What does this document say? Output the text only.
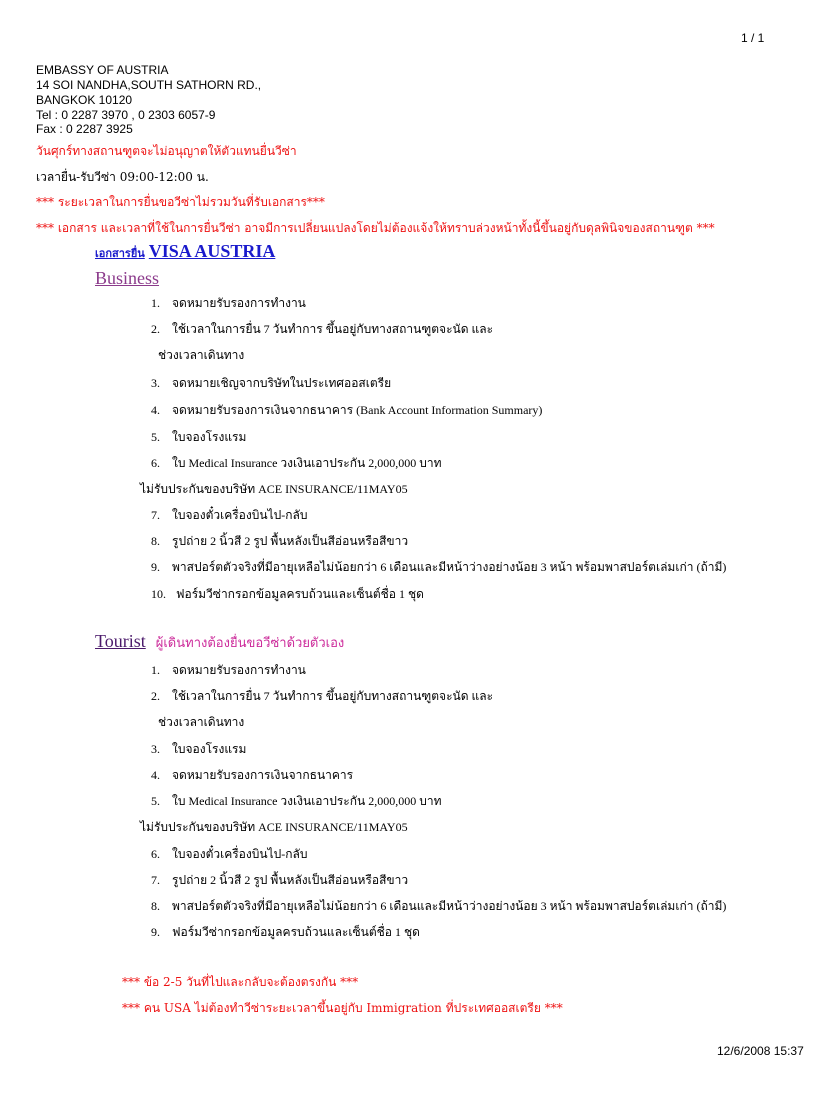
1 / 1
EMBASSY OF AUSTRIA
14 SOI NANDHA,SOUTH SATHORN RD.,
BANGKOK 10120
Tel : 0 2287 3970 , 0 2303 6057-9
Fax : 0 2287 3925
วันศุกร์ทางสถานฑูตจะไม่อนุญาตให้ตัวแทนยื่นวีซ่า
เวลายื่น-รับวีซ่า 09:00-12:00 น.
*** ระยะเวลาในการยื่นขอวีซ่าไม่รวมวันที่รับเอกสาร***
*** เอกสาร และเวลาที่ใช้ในการยื่นวีซ่า อาจมีการเปลี่ยนแปลงโดยไม่ต้องแจ้งให้ทราบล่วงหน้าทั้งนี้ขึ้นอยู่กับดุลพินิจของสถานฑูต ***
เอกสารยื่น VISA AUSTRIA
Business
1. จดหมายรับรองการทำงาน
2. ใช้เวลาในการยื่น 7 วันทำการ ขึ้นอยู่กับทางสถานฑูตจะนัด และ
ช่วงเวลาเดินทาง
3. จดหมายเชิญจากบริษัทในประเทศออสเตรีย
4. จดหมายรับรองการเงินจากธนาคาร (Bank Account Information Summary)
5. ใบจองโรงแรม
6. ใบ Medical Insurance วงเงินเอาประกัน 2,000,000 บาท
ไม่รับประกันของบริษัท ACE INSURANCE/11MAY05
7. ใบจองตั๋วเครื่องบินไป-กลับ
8. รูปถ่าย 2 นิ้วสี 2 รูป พื้นหลังเป็นสีอ่อนหรือสีขาว
9. พาสปอร์ตตัวจริงที่มีอายุเหลือไม่น้อยกว่า 6 เดือนและมีหน้าว่างอย่างน้อย 3 หน้า พร้อมพาสปอร์ตเล่มเก่า (ถ้ามี)
10. ฟอร์มวีซ่ากรอกข้อมูลครบถ้วนและเซ็นต์ชื่อ 1 ชุด
Tourist ผู้เดินทางต้องยื่นขอวีซ่าด้วยตัวเอง
1. จดหมายรับรองการทำงาน
2. ใช้เวลาในการยื่น 7 วันทำการ ขึ้นอยู่กับทางสถานฑูตจะนัด และ
ช่วงเวลาเดินทาง
3. ใบจองโรงแรม
4. จดหมายรับรองการเงินจากธนาคาร
5. ใบ Medical Insurance วงเงินเอาประกัน 2,000,000 บาท
ไม่รับประกันของบริษัท ACE INSURANCE/11MAY05
6. ใบจองตั๋วเครื่องบินไป-กลับ
7. รูปถ่าย 2 นิ้วสี 2 รูป พื้นหลังเป็นสีอ่อนหรือสีขาว
8. พาสปอร์ตตัวจริงที่มีอายุเหลือไม่น้อยกว่า 6 เดือนและมีหน้าว่างอย่างน้อย 3 หน้า พร้อมพาสปอร์ตเล่มเก่า (ถ้ามี)
9. ฟอร์มวีซ่ากรอกข้อมูลครบถ้วนและเซ็นต์ชื่อ 1 ชุด
*** ข้อ 2-5 วันที่ไปและกลับจะต้องตรงกัน ***
*** คน USA ไม่ต้องทำวีซ่าระยะเวลาขึ้นอยู่กับ Immigration ที่ประเทศออสเตรีย ***
12/6/2008 15:37
